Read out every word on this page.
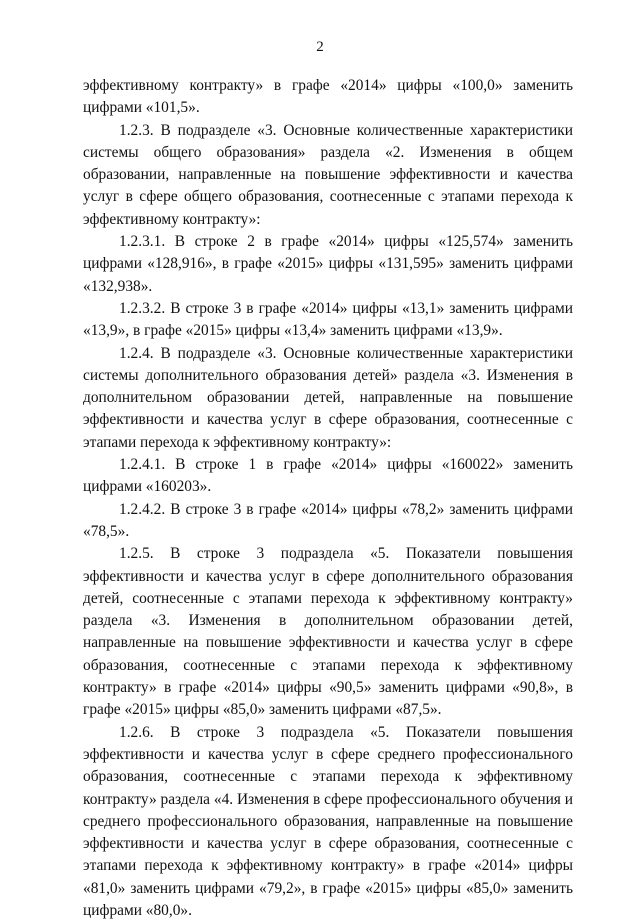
2

эффективному контракту» в графе «2014» цифры «100,0» заменить цифрами «101,5».

1.2.3. В подразделе «3. Основные количественные характеристики системы общего образования» раздела «2. Изменения в общем образовании, направленные на повышение эффективности и качества услуг в сфере общего образования, соотнесенные с этапами перехода к эффективному контракту»:

1.2.3.1. В строке 2 в графе «2014» цифры «125,574» заменить цифрами «128,916», в графе «2015» цифры «131,595» заменить цифрами «132,938».

1.2.3.2. В строке 3 в графе «2014» цифры «13,1» заменить цифрами «13,9», в графе «2015» цифры «13,4» заменить цифрами «13,9».

1.2.4. В подразделе «3. Основные количественные характеристики системы дополнительного образования детей» раздела «3. Изменения в дополнительном образовании детей, направленные на повышение эффективности и качества услуг в сфере образования, соотнесенные с этапами перехода к эффективному контракту»:

1.2.4.1. В строке 1 в графе «2014» цифры «160022» заменить цифрами «160203».

1.2.4.2. В строке 3 в графе «2014» цифры «78,2» заменить цифрами «78,5».

1.2.5. В строке 3 подраздела «5. Показатели повышения эффективности и качества услуг в сфере дополнительного образования детей, соотнесенные с этапами перехода к эффективному контракту» раздела «3. Изменения в дополнительном образовании детей, направленные на повышение эффективности и качества услуг в сфере образования, соотнесенные с этапами перехода к эффективному контракту» в графе «2014» цифры «90,5» заменить цифрами «90,8», в графе «2015» цифры «85,0» заменить цифрами «87,5».

1.2.6. В строке 3 подраздела «5. Показатели повышения эффективности и качества услуг в сфере среднего профессионального образования, соотнесенные с этапами перехода к эффективному контракту» раздела «4. Изменения в сфере профессионального обучения и среднего профессионального образования, направленные на повышение эффективности и качества услуг в сфере образования, соотнесенные с этапами перехода к эффективному контракту» в графе «2014» цифры «81,0» заменить цифрами «79,2», в графе «2015» цифры «85,0» заменить цифрами «80,0».
